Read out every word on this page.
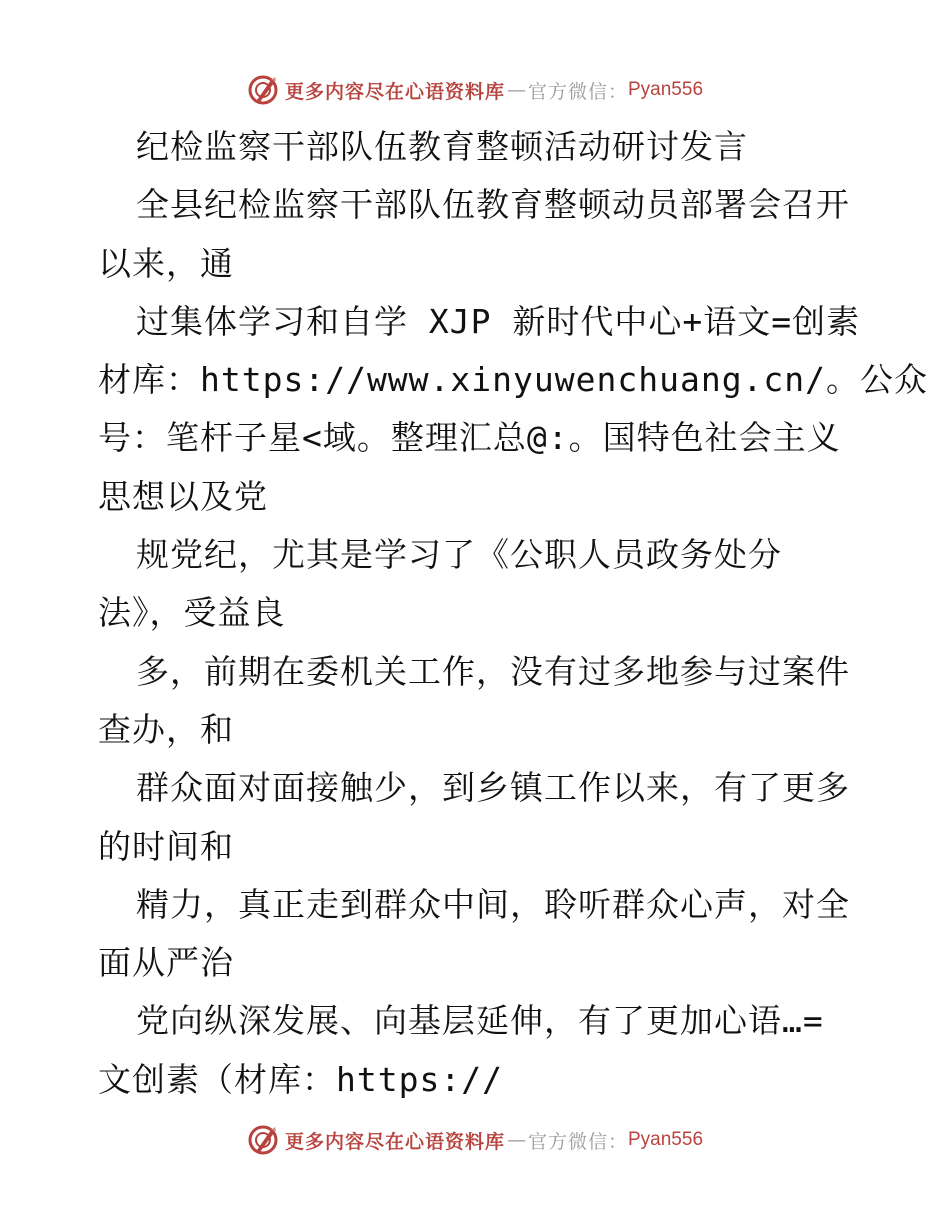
更多内容尽在心语资料库 — 官方微信： Pyan556
纪检监察干部队伍教育整顿活动研讨发言
全县纪检监察干部队伍教育整顿动员部署会召开
以来，通
过集体学习和自学 XJP 新时代中心+语文=创素
材库：https://www.xinyuwenchuang.cn/。公众
号：笔杆子星<域。整理汇总@:。国特色社会主义
思想以及党
规党纪，尤其是学习了《公职人员政务处分
法》，受益良
多，前期在委机关工作，没有过多地参与过案件
查办，和
群众面对面接触少，到乡镇工作以来，有了更多
的时间和
精力，真正走到群众中间，聆听群众心声，对全
面从严治
党向纵深发展、向基层延伸，有了更加心语…=
文创素（材库：https://
更多内容尽在心语资料库 — 官方微信： Pyan556
